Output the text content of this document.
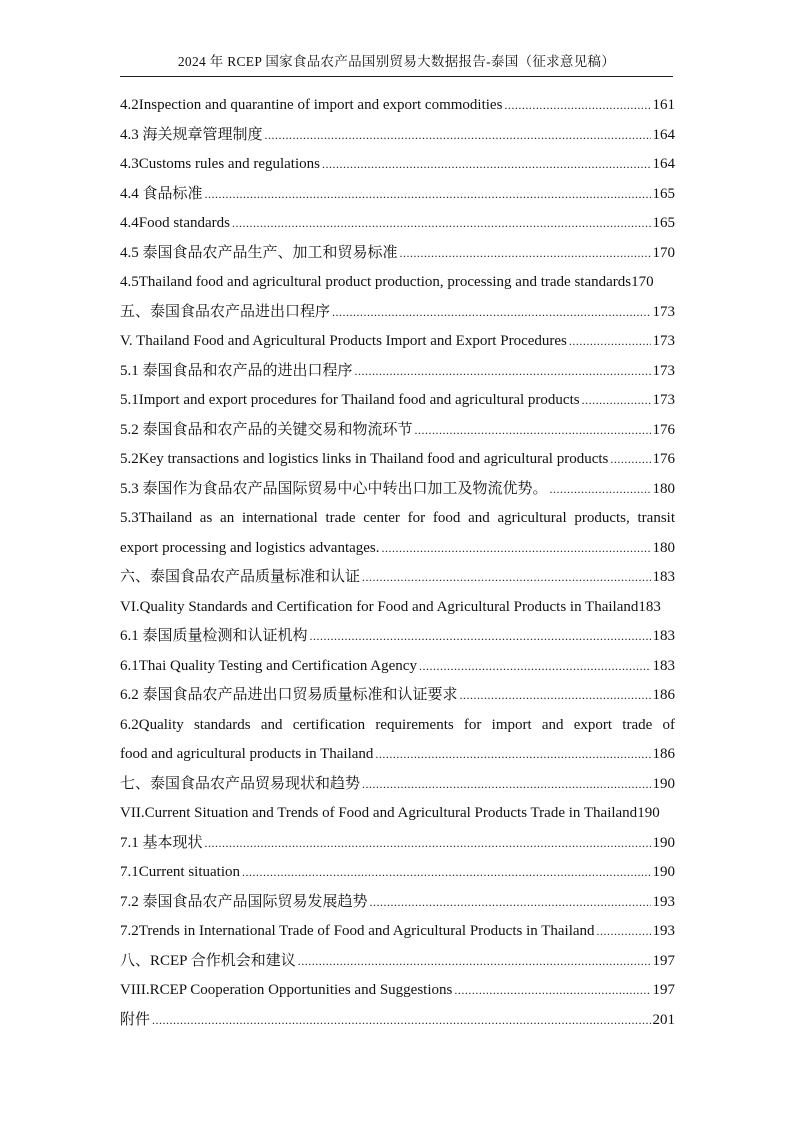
2024 年 RCEP 国家食品农产品国别贸易大数据报告-泰国（征求意见稿）
4.2Inspection and quarantine of import and export commodities .....	161
4.3 海关规章管理制度 .....	164
4.3Customs rules and regulations .....	164
4.4 食品标准 .....	165
4.4Food standards .....	165
4.5 泰国食品农产品生产、加工和贸易标准 .....	170
4.5Thailand food and agricultural product production, processing and trade standards 170
五、泰国食品农产品进出口程序 .....	173
V. Thailand Food and Agricultural Products Import and Export Procedures .....	173
5.1 泰国食品和农产品的进出口程序 .....	173
5.1Import and export procedures for Thailand food and agricultural products .....	173
5.2 泰国食品和农产品的关键交易和物流环节 .....	176
5.2Key transactions and logistics links in Thailand food and agricultural products .....	176
5.3 泰国作为食品农产品国际贸易中心中转出口加工及物流优势。 .....	180
5.3Thailand as an international trade center for food and agricultural products, transit
export processing and logistics advantages. .....	180
六、泰国食品农产品质量标准和认证 .....	183
VI.Quality Standards and Certification for Food and Agricultural Products in Thailand 183
6.1 泰国质量检测和认证机构 .....	183
6.1Thai Quality Testing and Certification Agency .....	183
6.2 泰国食品农产品进出口贸易质量标准和认证要求 .....	186
6.2Quality standards and certification requirements for import and export trade of
food and agricultural products in Thailand .....	186
七、泰国食品农产品贸易现状和趋势 .....	190
VII.Current Situation and Trends of Food and Agricultural Products Trade in Thailand 190
7.1 基本现状 .....	190
7.1Current situation .....	190
7.2 泰国食品农产品国际贸易发展趋势 .....	193
7.2Trends in International Trade of Food and Agricultural Products in Thailand .....	193
八、RCEP 合作机会和建议 .....	197
VIII.RCEP Cooperation Opportunities and Suggestions .....	197
附件 .....	201
